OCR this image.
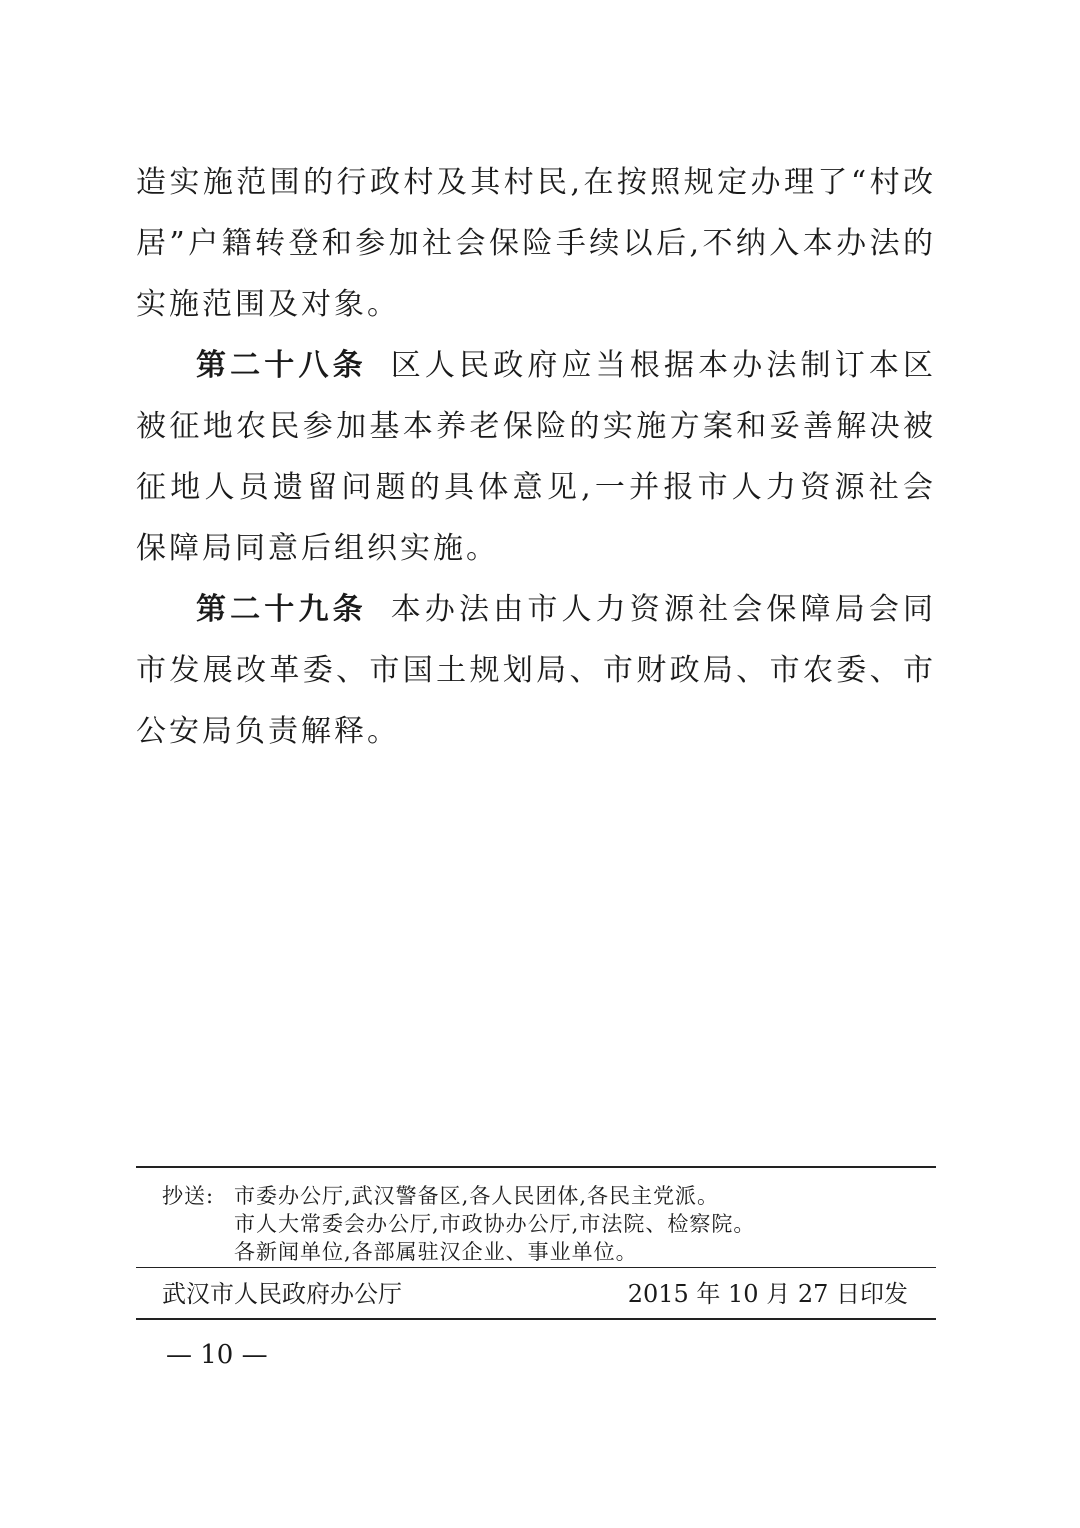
造实施范围的行政村及其村民,在按照规定办理了“村改居”户籍转登和参加社会保险手续以后,不纳入本办法的实施范围及对象。

第二十八条 区人民政府应当根据本办法制订本区被征地农民参加基本养老保险的实施方案和妥善解决被征地人员遗留问题的具体意见,一并报市人力资源社会保障局同意后组织实施。

第二十九条 本办法由市人力资源社会保障局会同市发展改革委、市国土规划局、市财政局、市农委、市公安局负责解释。

抄送: 市委办公厅,武汉警备区,各人民团体,各民主党派。
市人大常委会办公厅,市政协办公厅,市法院、检察院。
各新闻单位,各部属驻汉企业、事业单位。
武汉市人民政府办公厅	2015 年 10 月 27 日印发
— 10 —
